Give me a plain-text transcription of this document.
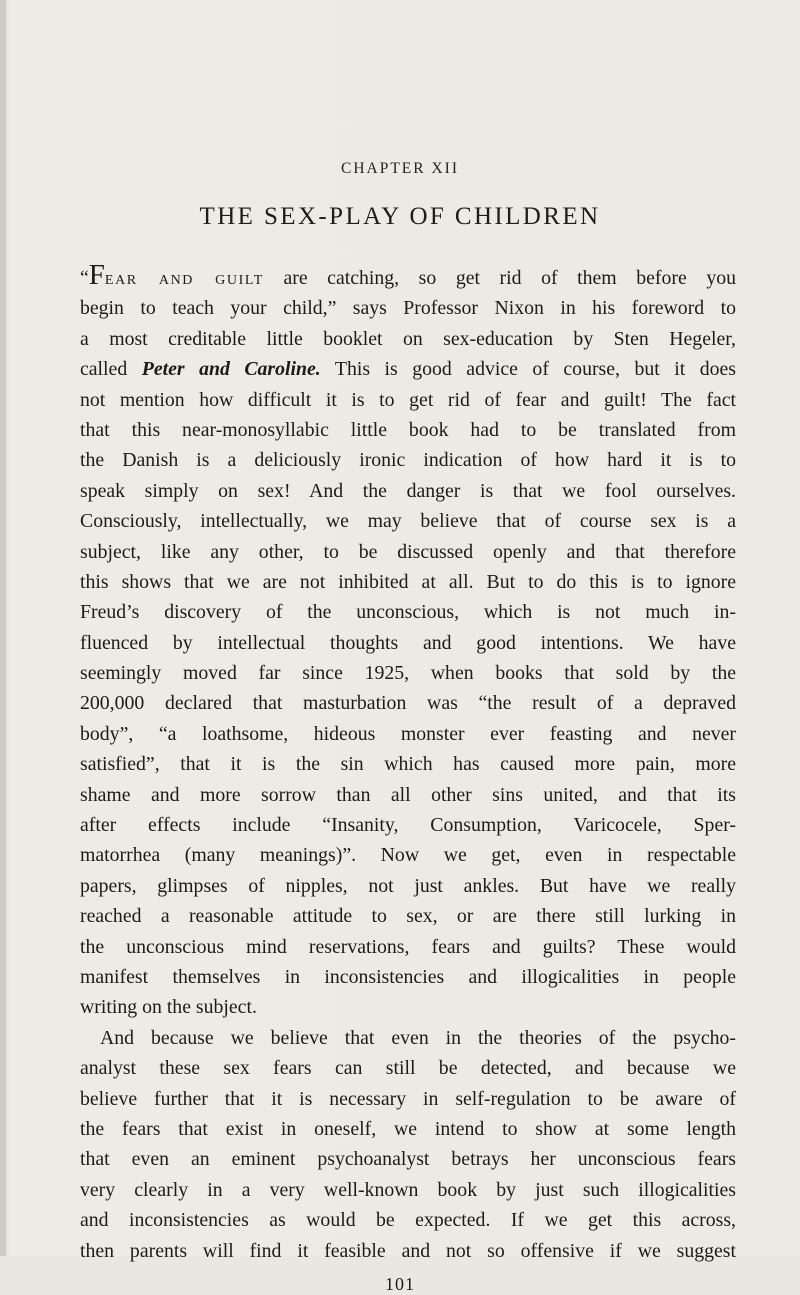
CHAPTER XII
THE SEX-PLAY OF CHILDREN
“Fear and guilt are catching, so get rid of them before you
begin to teach your child,” says Professor Nixon in his foreword to
a most creditable little booklet on sex-education by Sten Hegeler,
called Peter and Caroline. This is good advice of course, but it does
not mention how difficult it is to get rid of fear and guilt! The fact
that this near-monosyllabic little book had to be translated from
the Danish is a deliciously ironic indication of how hard it is to
speak simply on sex! And the danger is that we fool ourselves.
Consciously, intellectually, we may believe that of course sex is a
subject, like any other, to be discussed openly and that therefore
this shows that we are not inhibited at all. But to do this is to ignore
Freud’s discovery of the unconscious, which is not much in-
fluenced by intellectual thoughts and good intentions. We have
seemingly moved far since 1925, when books that sold by the
200,000 declared that masturbation was “the result of a depraved
body”, “a loathsome, hideous monster ever feasting and never
satisfied”, that it is the sin which has caused more pain, more
shame and more sorrow than all other sins united, and that its
after effects include “Insanity, Consumption, Varicocele, Sper-
matorrhea (many meanings)”. Now we get, even in respectable
papers, glimpses of nipples, not just ankles. But have we really
reached a reasonable attitude to sex, or are there still lurking in
the unconscious mind reservations, fears and guilts? These would
manifest themselves in inconsistencies and illogicalities in people
writing on the subject.
And because we believe that even in the theories of the psycho-
analyst these sex fears can still be detected, and because we
believe further that it is necessary in self-regulation to be aware of
the fears that exist in oneself, we intend to show at some length
that even an eminent psychoanalyst betrays her unconscious fears
very clearly in a very well-known book by just such illogicalities
and inconsistencies as would be expected. If we get this across,
then parents will find it feasible and not so offensive if we suggest
101
